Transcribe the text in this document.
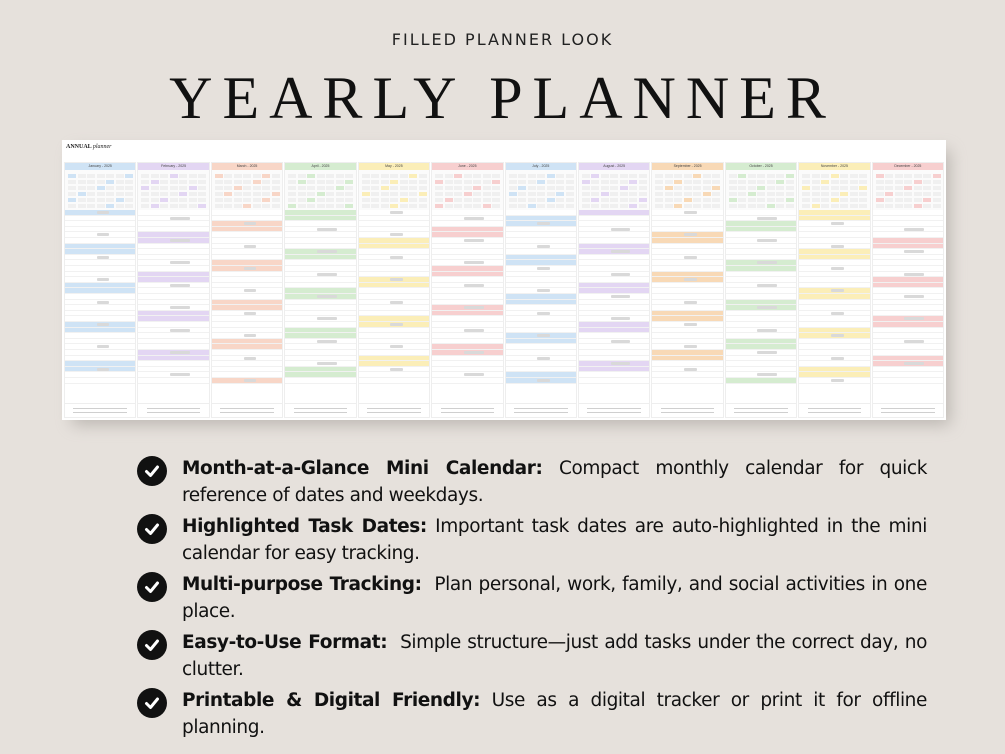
FILLED PLANNER LOOK
YEARLY PLANNER
ANNUAL planner
January - 2025	February - 2025	March - 2025	April - 2025	May - 2025	June - 2025	July - 2025	August - 2025	September - 2025	October - 2025	November - 2025	December - 2025
Month-at-a-Glance Mini Calendar: Compact monthly calendar for quick reference of dates and weekdays.
Highlighted Task Dates: Important task dates are auto-highlighted in the mini calendar for easy tracking.
Multi-purpose Tracking:  Plan personal, work, family, and social activities in one place.
Easy-to-Use Format:  Simple structure—just add tasks under the correct day, no clutter.
Printable & Digital Friendly: Use as a digital tracker or print it for offline planning.
